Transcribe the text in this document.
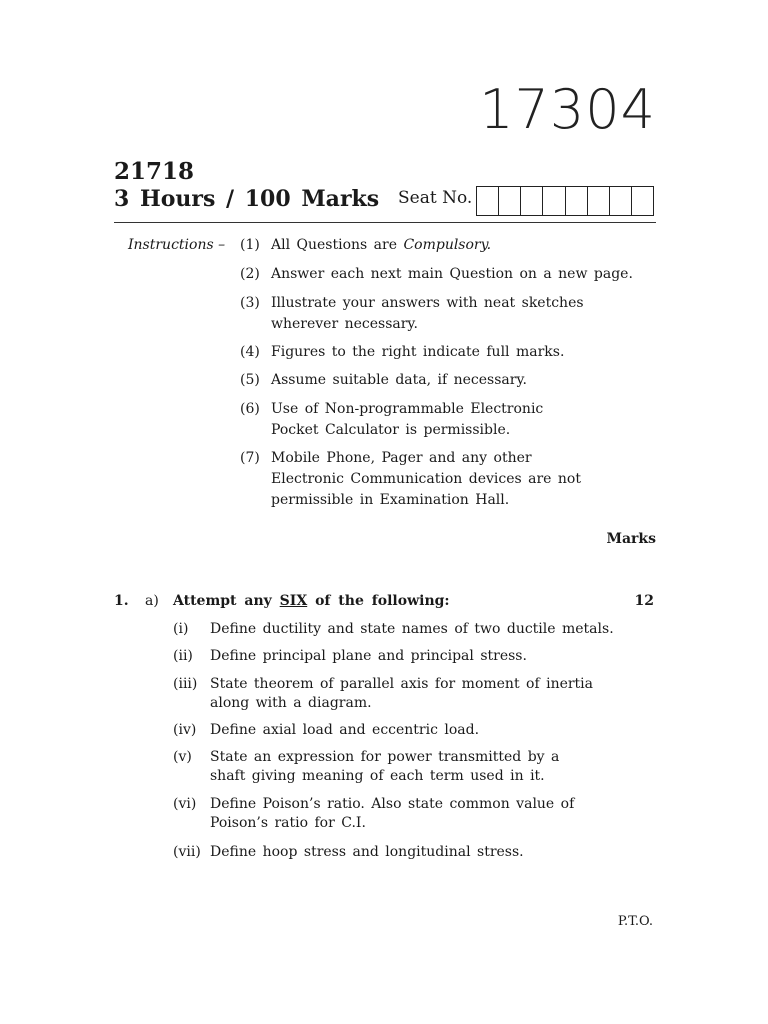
17304
21718
3 Hours / 100 Marks Seat No.
Instructions – (1) All Questions are Compulsory.
(2) Answer each next main Question on a new page.
(3) Illustrate your answers with neat sketches wherever necessary.
(4) Figures to the right indicate full marks.
(5) Assume suitable data, if necessary.
(6) Use of Non-programmable Electronic Pocket Calculator is permissible.
(7) Mobile Phone, Pager and any other Electronic Communication devices are not permissible in Examination Hall.
Marks
1. a) Attempt any SIX of the following:	12
(i)	Define ductility and state names of two ductile metals.
(ii)	Define principal plane and principal stress.
(iii) State theorem of parallel axis for moment of inertia along with a diagram.
(iv) Define axial load and eccentric load.
(v)	State an expression for power transmitted by a shaft giving meaning of each term used in it.
(vi) Define Poison’s ratio. Also state common value of Poison’s ratio for C.I.
(vii) Define hoop stress and longitudinal stress.
P.T.O.
